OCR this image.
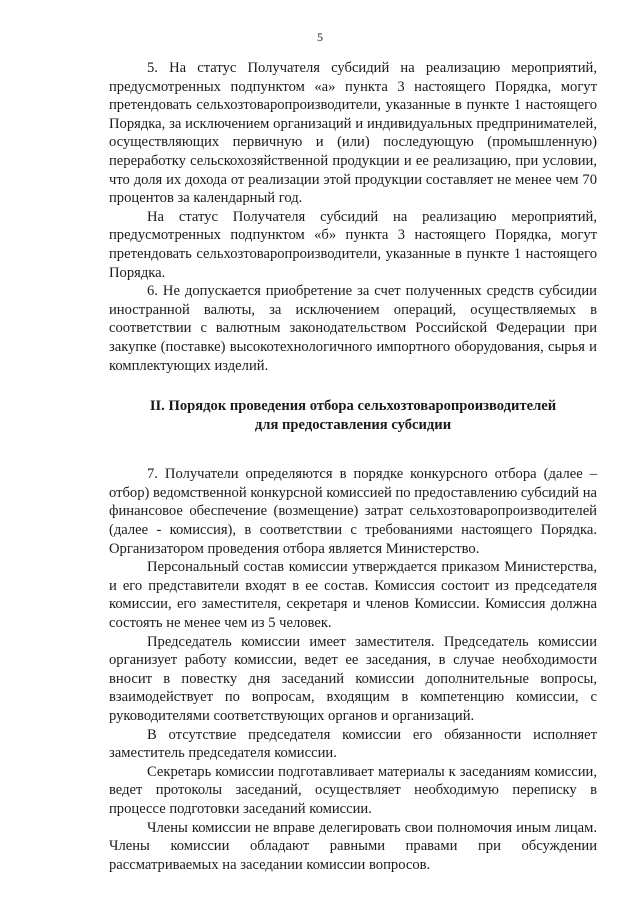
5

5. На статус Получателя субсидий на реализацию мероприятий, предусмотренных подпунктом «а» пункта 3 настоящего Порядка, могут претендовать сельхозтоваропроизводители, указанные в пункте 1 настоящего Порядка, за исключением организаций и индивидуальных предпринимателей, осуществляющих первичную и (или) последующую (промышленную) переработку сельскохозяйственной продукции и ее реализацию, при условии, что доля их дохода от реализации этой продукции составляет не менее чем 70 процентов за календарный год.

На статус Получателя субсидий на реализацию мероприятий, предусмотренных подпунктом «б» пункта 3 настоящего Порядка, могут претендовать сельхозтоваропроизводители, указанные в пункте 1 настоящего Порядка.

6. Не допускается приобретение за счет полученных средств субсидии иностранной валюты, за исключением операций, осуществляемых в соответствии с валютным законодательством Российской Федерации при закупке (поставке) высокотехнологичного импортного оборудования, сырья и комплектующих изделий.

II. Порядок проведения отбора сельхозтоваропроизводителей
для предоставления субсидии

7. Получатели определяются в порядке конкурсного отбора (далее – отбор) ведомственной конкурсной комиссией по предоставлению субсидий на финансовое обеспечение (возмещение) затрат сельхозтоваропроизводителей (далее - комиссия), в соответствии с требованиями настоящего Порядка. Организатором проведения отбора является Министерство.

Персональный состав комиссии утверждается приказом Министерства, и его представители входят в ее состав. Комиссия состоит из председателя комиссии, его заместителя, секретаря и членов Комиссии. Комиссия должна состоять не менее чем из 5 человек.

Председатель комиссии имеет заместителя. Председатель комиссии организует работу комиссии, ведет ее заседания, в случае необходимости вносит в повестку дня заседаний комиссии дополнительные вопросы, взаимодействует по вопросам, входящим в компетенцию комиссии, с руководителями соответствующих органов и организаций.

В отсутствие председателя комиссии его обязанности исполняет заместитель председателя комиссии.

Секретарь комиссии подготавливает материалы к заседаниям комиссии, ведет протоколы заседаний, осуществляет необходимую переписку в процессе подготовки заседаний комиссии.

Члены комиссии не вправе делегировать свои полномочия иным лицам. Члены комиссии обладают равными правами при обсуждении рассматриваемых на заседании комиссии вопросов.
